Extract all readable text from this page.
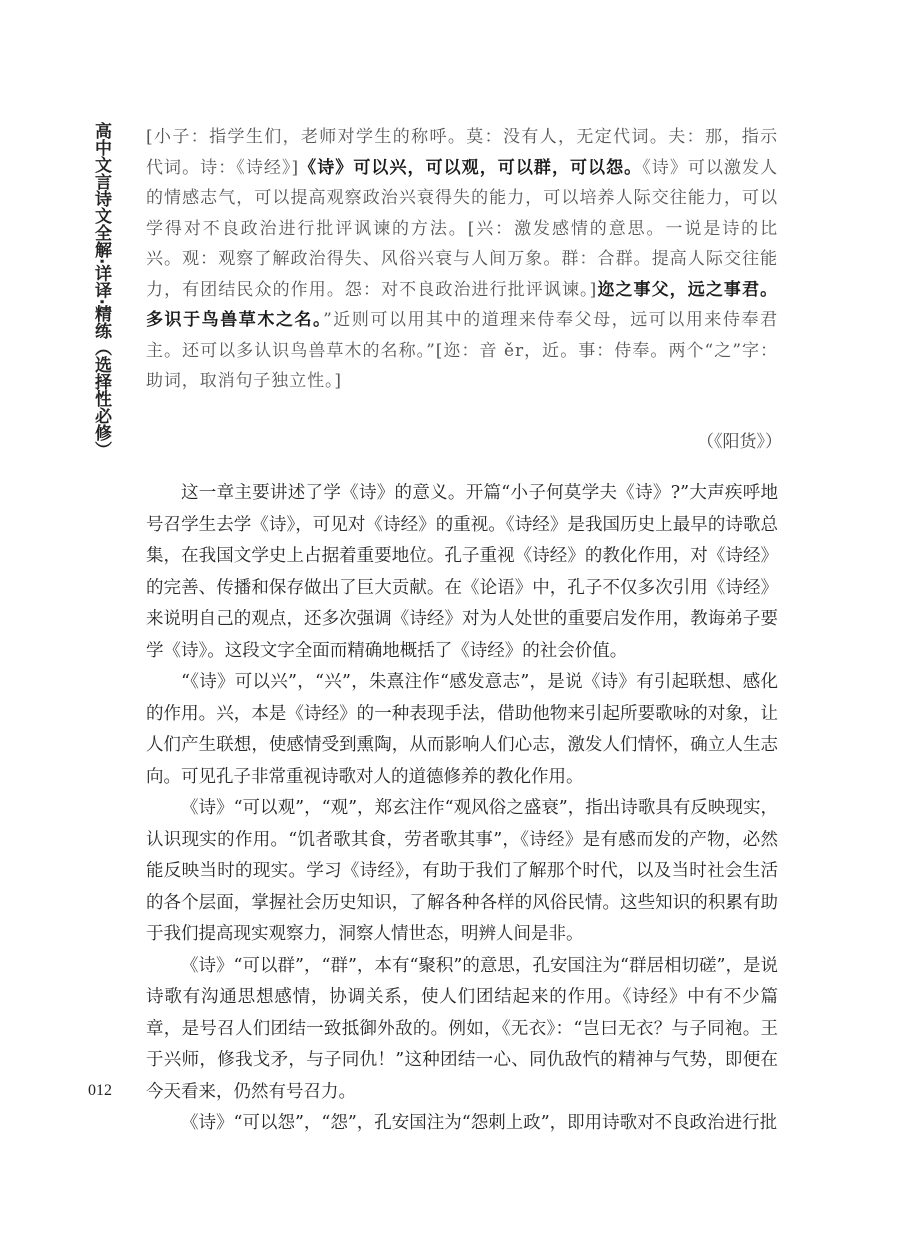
高中文言诗文全解·详译·精练（选择性必修）
012
[小子：指学生们，老师对学生的称呼。莫：没有人，无定代词。夫：那，指示代词。诗：《诗经》]《诗》可以兴，可以观，可以群，可以怨。《诗》可以激发人的情感志气，可以提高观察政治兴衰得失的能力，可以培养人际交往能力，可以学得对不良政治进行批评讽谏的方法。[兴：激发感情的意思。一说是诗的比兴。观：观察了解政治得失、风俗兴衰与人间万象。群：合群。提高人际交往能力，有团结民众的作用。怨：对不良政治进行批评讽谏。]迩之事父，远之事君。多识于鸟兽草木之名。”近则可以用其中的道理来侍奉父母，远可以用来侍奉君主。还可以多认识鸟兽草木的名称。”[迩：音 ěr，近。事：侍奉。两个“之”字：助词，取消句子独立性。]
（《阳货》）

这一章主要讲述了学《诗》的意义。开篇“小子何莫学夫《诗》?”大声疾呼地号召学生去学《诗》，可见对《诗经》的重视。《诗经》是我国历史上最早的诗歌总集，在我国文学史上占据着重要地位。孔子重视《诗经》的教化作用，对《诗经》的完善、传播和保存做出了巨大贡献。在《论语》中，孔子不仅多次引用《诗经》来说明自己的观点，还多次强调《诗经》对为人处世的重要启发作用，教诲弟子要学《诗》。这段文字全面而精确地概括了《诗经》的社会价值。

“《诗》可以兴”，“兴”，朱熹注作“感发意志”，是说《诗》有引起联想、感化的作用。兴，本是《诗经》的一种表现手法，借助他物来引起所要歌咏的对象，让人们产生联想，使感情受到熏陶，从而影响人们心志，激发人们情怀，确立人生志向。可见孔子非常重视诗歌对人的道德修养的教化作用。

《诗》“可以观”，“观”，郑玄注作“观风俗之盛衰”，指出诗歌具有反映现实，认识现实的作用。“饥者歌其食，劳者歌其事”，《诗经》是有感而发的产物，必然能反映当时的现实。学习《诗经》，有助于我们了解那个时代，以及当时社会生活的各个层面，掌握社会历史知识，了解各种各样的风俗民情。这些知识的积累有助于我们提高现实观察力，洞察人情世态，明辨人间是非。

《诗》“可以群”，“群”，本有“聚积”的意思，孔安国注为“群居相切磋”，是说诗歌有沟通思想感情，协调关系，使人们团结起来的作用。《诗经》中有不少篇章，是号召人们团结一致抵御外敌的。例如，《无衣》：“岂曰无衣？与子同袍。王于兴师，修我戈矛，与子同仇！”这种团结一心、同仇敌忾的精神与气势，即便在今天看来，仍然有号召力。

《诗》“可以怨”，“怨”，孔安国注为“怨刺上政”，即用诗歌对不良政治进行批
